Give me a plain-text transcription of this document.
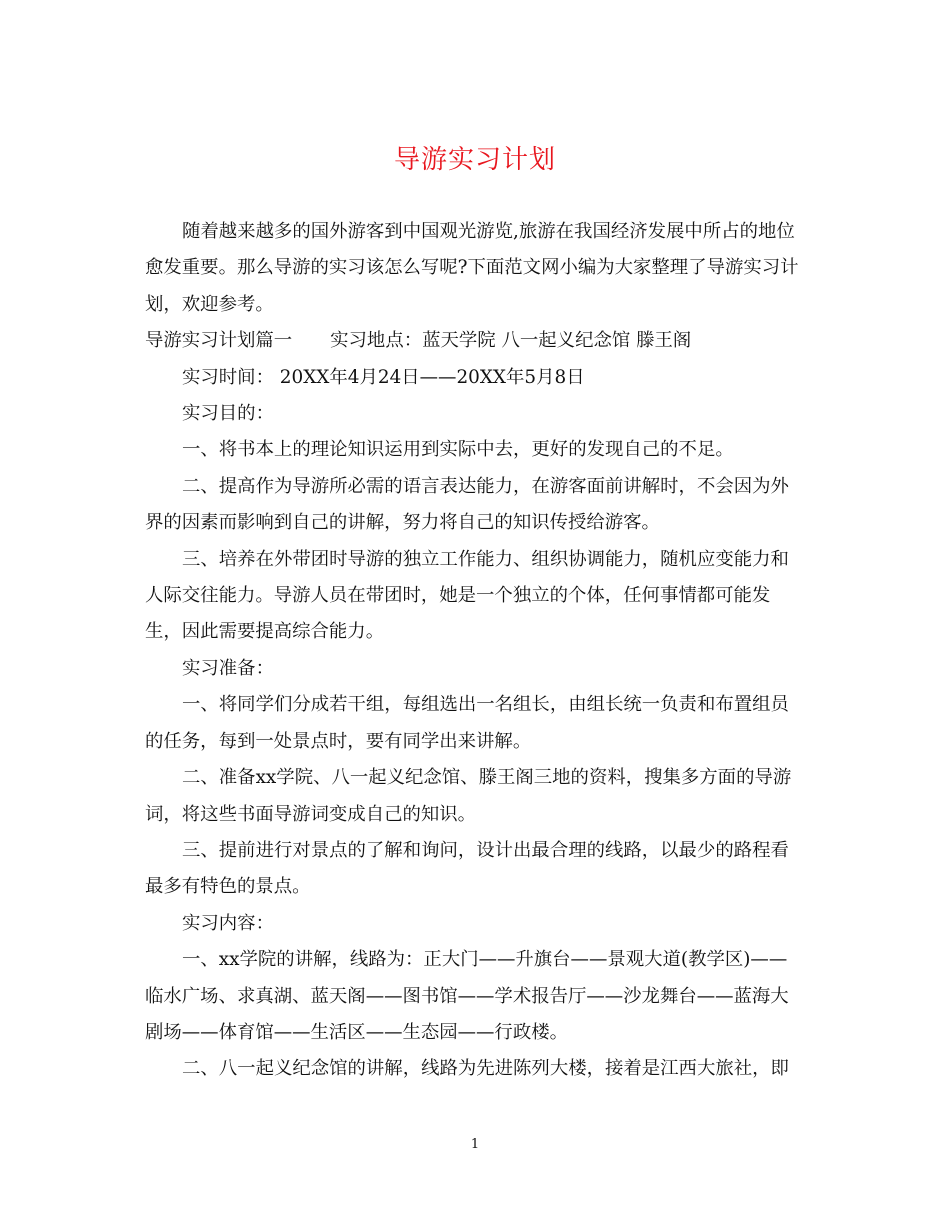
导游实习计划

随着越来越多的国外游客到中国观光游览,旅游在我国经济发展中所占的地位

愈发重要。那么导游的实习该怎么写呢?下面范文网小编为大家整理了导游实习计

划，欢迎参考。

导游实习计划篇一 实习地点：蓝天学院 八一起义纪念馆 滕王阁

实习时间： 20XX年4月24日——20XX年5月8日

实习目的：

一、将书本上的理论知识运用到实际中去，更好的发现自己的不足。

二、提高作为导游所必需的语言表达能力，在游客面前讲解时，不会因为外

界的因素而影响到自己的讲解，努力将自己的知识传授给游客。

三、培养在外带团时导游的独立工作能力、组织协调能力，随机应变能力和

人际交往能力。导游人员在带团时，她是一个独立的个体，任何事情都可能发

生，因此需要提高综合能力。

实习准备：

一、将同学们分成若干组，每组选出一名组长，由组长统一负责和布置组员

的任务，每到一处景点时，要有同学出来讲解。

二、准备xx学院、八一起义纪念馆、滕王阁三地的资料，搜集多方面的导游

词，将这些书面导游词变成自己的知识。

三、提前进行对景点的了解和询问，设计出最合理的线路，以最少的路程看

最多有特色的景点。

实习内容：

一、xx学院的讲解，线路为：正大门——升旗台——景观大道(教学区)——

临水广场、求真湖、蓝天阁——图书馆——学术报告厅——沙龙舞台——蓝海大

剧场——体育馆——生活区——生态园——行政楼。

二、八一起义纪念馆的讲解，线路为先进陈列大楼，接着是江西大旅社，即

1
